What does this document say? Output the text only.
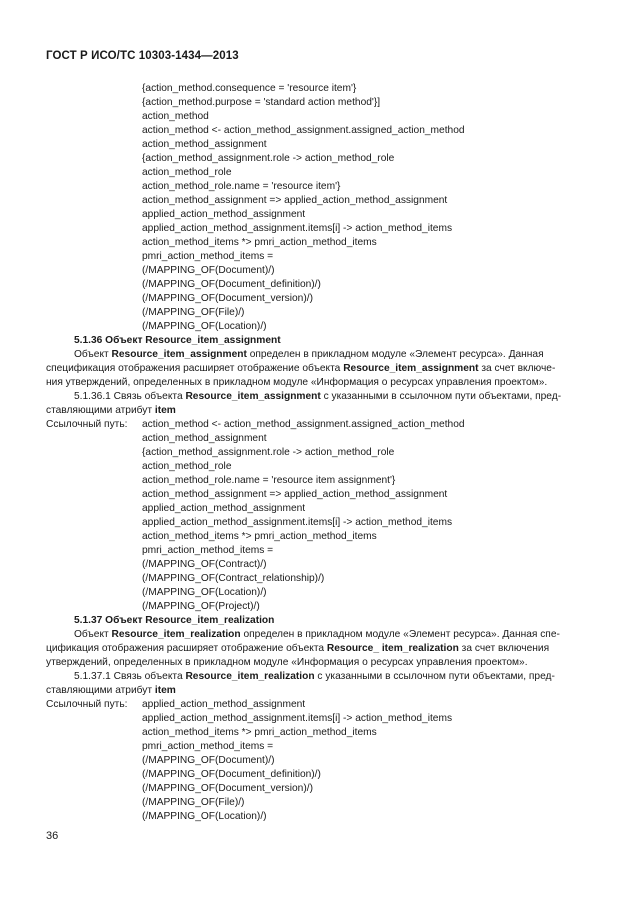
ГОСТ Р ИСО/ТС 10303-1434—2013
{action_method.consequence = 'resource item'}
{action_method.purpose = 'standard action method'}]
action_method
action_method <- action_method_assignment.assigned_action_method
action_method_assignment
{action_method_assignment.role -> action_method_role
action_method_role
action_method_role.name = 'resource item'}
action_method_assignment => applied_action_method_assignment
applied_action_method_assignment
applied_action_method_assignment.items[i] -> action_method_items
action_method_items *> pmri_action_method_items
pmri_action_method_items =
(/MAPPING_OF(Document)/)
(/MAPPING_OF(Document_definition)/)
(/MAPPING_OF(Document_version)/)
(/MAPPING_OF(File)/)
(/MAPPING_OF(Location)/)
5.1.36 Объект Resource_item_assignment
Объект Resource_item_assignment определен в прикладном модуле «Элемент ресурса». Данная
спецификация отображения расширяет отображение объекта Resource_item_assignment за счет включе-
ния утверждений, определенных в прикладном модуле «Информация о ресурсах управления проектом».
5.1.36.1 Связь объекта Resource_item_assignment с указанными в ссылочном пути объектами, пред-
ставляющими атрибут item
Ссылочный путь:	action_method <- action_method_assignment.assigned_action_method
action_method_assignment
{action_method_assignment.role -> action_method_role
action_method_role
action_method_role.name = 'resource item assignment'}
action_method_assignment => applied_action_method_assignment
applied_action_method_assignment
applied_action_method_assignment.items[i] -> action_method_items
action_method_items *> pmri_action_method_items
pmri_action_method_items =
(/MAPPING_OF(Contract)/)
(/MAPPING_OF(Contract_relationship)/)
(/MAPPING_OF(Location)/)
(/MAPPING_OF(Project)/)
5.1.37 Объект Resource_item_realization
Объект Resource_item_realization определен в прикладном модуле «Элемент ресурса». Данная спе-
цификация отображения расширяет отображение объекта Resource_ item_realization за счет включения
утверждений, определенных в прикладном модуле «Информация о ресурсах управления проектом».
5.1.37.1 Связь объекта Resource_item_realization с указанными в ссылочном пути объектами, пред-
ставляющими атрибут item
Ссылочный путь:	applied_action_method_assignment
applied_action_method_assignment.items[i] -> action_method_items
action_method_items *> pmri_action_method_items
pmri_action_method_items =
(/MAPPING_OF(Document)/)
(/MAPPING_OF(Document_definition)/)
(/MAPPING_OF(Document_version)/)
(/MAPPING_OF(File)/)
(/MAPPING_OF(Location)/)
36
